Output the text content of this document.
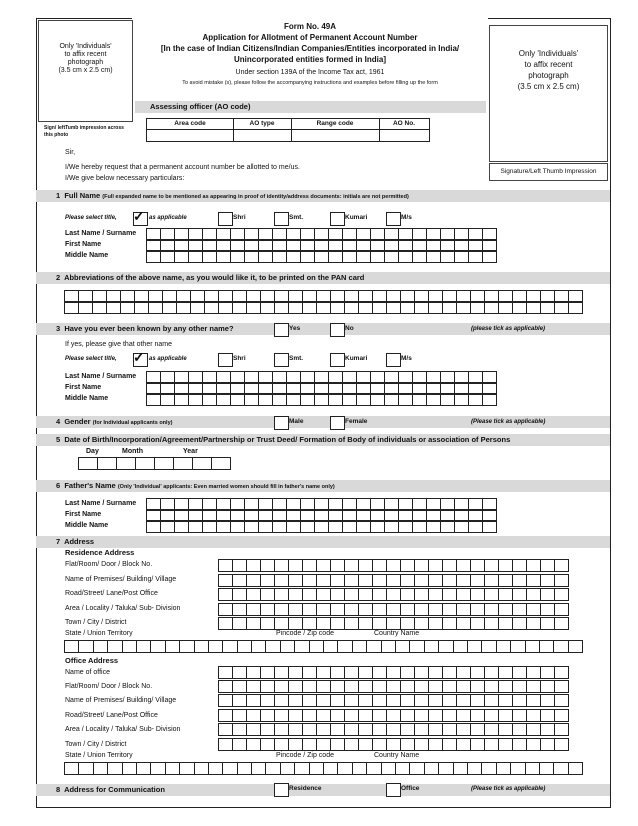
Only 'Individuals'
to affix recent
photograph
(3.5 cm x 2.5 cm)
Sign/ leftTumb impression across
this photo
Only 'Individuals'
to affix recent
photograph
(3.5 cm x 2.5 cm)
Signature/Left Thumb Impression
Form No. 49A
Application for Allotment of Permanent Account Number
[In the case of Indian Citizens/Indian Companies/Entities incorporated in India/
Unincorporated entities formed in India]
Under section 139A of the Income Tax act, 1961
To avoid mistake (s), please follow the accompanying instructions and examples before filling up the form
Assessing officer (AO code)
Area code	AO type	Range code	AO No.
Sir,
I/We hereby request that a permanent account number be allotted to me/us.
I/We give below necessary particulars:
1 Full Name (Full expanded name to be mentioned as appearing in proof of identity/address documents: initials are not permitted)
Please select title, ✓ as applicable	Shri	Smt.	Kumari	M/s
Last Name / Surname
First Name
Middle Name
2 Abbreviations of the above name, as you would like it, to be printed on the PAN card
3 Have you ever been known by any other name?	Yes	No	(please tick as applicable)
If yes, please give that other name
Please select title, ✓ as applicable	Shri	Smt.	Kumari	M/s
Last Name / Surname
First Name
Middle Name
4 Gender (for Individual applicants only)	Male	Female	(Please tick as applicable)
5 Date of Birth/Incorporation/Agreement/Partnership or Trust Deed/ Formation of Body of individuals or association of Persons
Day	Month	Year
6 Father's Name (Only 'Individual' applicants: Even married women should fill in father's name only)
Last Name / Surname
First Name
Middle Name
7 Address
Residence Address
Flat/Room/ Door / Block No.
Name of Premises/ Building/ Village
Road/Street/ Lane/Post Office
Area / Locality / Taluka/ Sub- Division
Town / City / District
State / Union Territory	Pincode / Zip code	Country Name
Office Address
Name of office
Flat/Room/ Door / Block No.
Name of Premises/ Building/ Village
Road/Street/ Lane/Post Office
Area / Locality / Taluka/ Sub- Division
Town / City / District
State / Union Territory	Pincode / Zip code	Country Name
8 Address for Communication	Residence	Office	(Please tick as applicable)
